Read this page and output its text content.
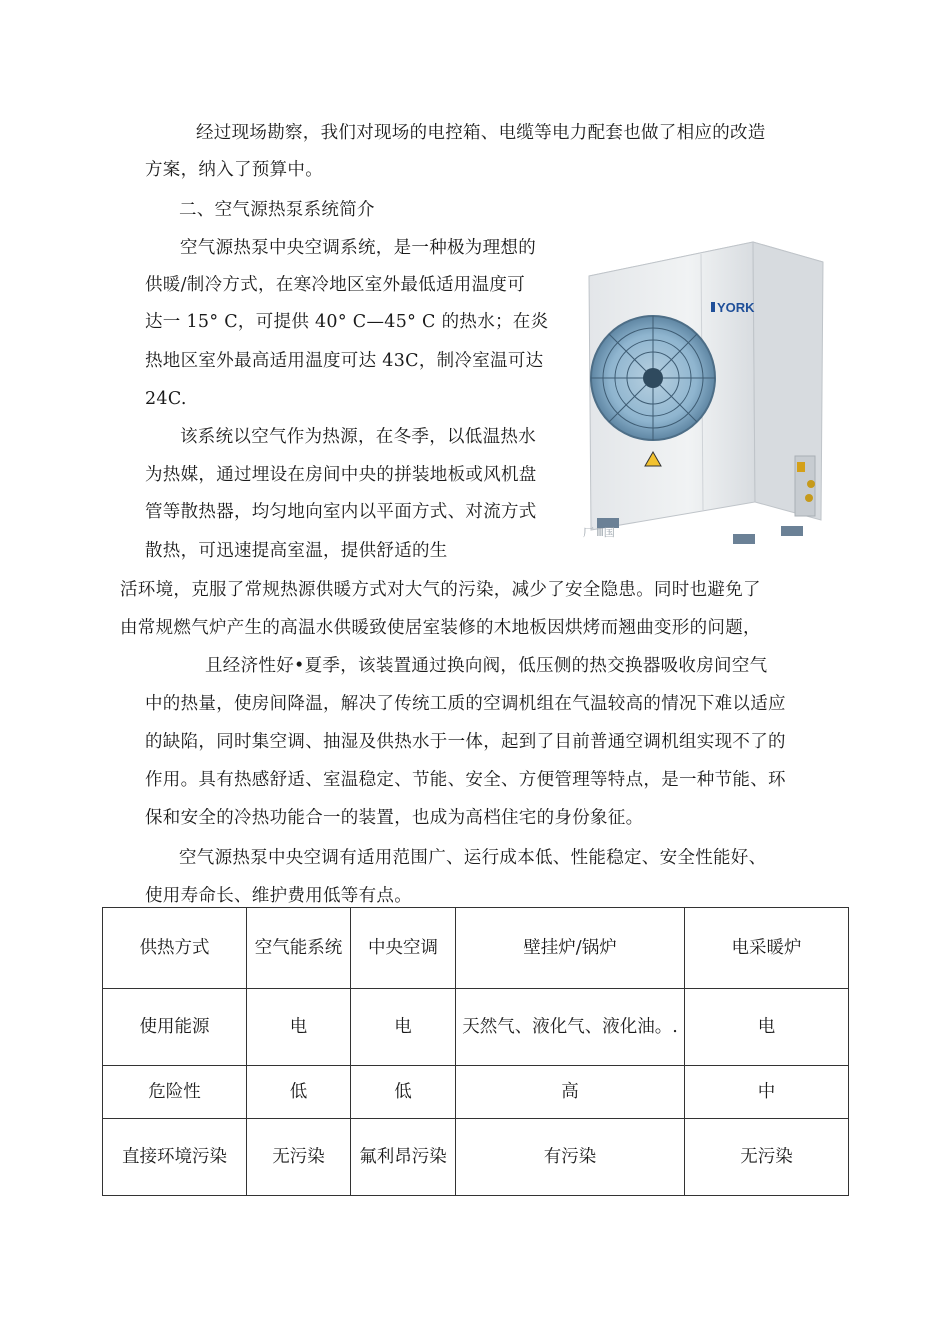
经过现场勘察，我们对现场的电控箱、电缆等电力配套也做了相应的改造
方案，纳入了预算中。
二、空气源热泵系统简介
空气源热泵中央空调系统，是一种极为理想的
供暖/制冷方式，在寒冷地区室外最低适用温度可
达一 15° C，可提供 40° C—45° C 的热水；在炎
热地区室外最高适用温度可达 43C，制冷室温可达
24C.
该系统以空气作为热源，在冬季，以低温热水
为热媒，通过埋设在房间中央的拼装地板或风机盘
管等散热器，均匀地向室内以平面方式、对流方式
散热，可迅速提高室温，提供舒适的生
活环境，克服了常规热源供暖方式对大气的污染，减少了安全隐患。同时也避免了
由常规燃气炉产生的高温水供暖致使居室装修的木地板因烘烤而翘曲变形的问题，
且经济性好•夏季，该装置通过换向阀，低压侧的热交换器吸收房间空气
中的热量，使房间降温，解决了传统工质的空调机组在气温较高的情况下难以适应
的缺陷，同时集空调、抽湿及供热水于一体，起到了目前普通空调机组实现不了的
作用。具有热感舒适、室温稳定、节能、安全、方便管理等特点，是一种节能、环
保和安全的冷热功能合一的装置，也成为高档住宅的身份象征。
空气源热泵中央空调有适用范围广、运行成本低、性能稳定、安全性能好、
使用寿命长、维护费用低等有点。
YORK
厂 Ⅲ国
供热方式	空气能系统	中央空调	壁挂炉/锅炉	电采暖炉
使用能源	电	电	天然气、液化气、液化油。.	电
危险性	低	低	高	中
直接环境污染	无污染	氟利昂污染	有污染	无污染
